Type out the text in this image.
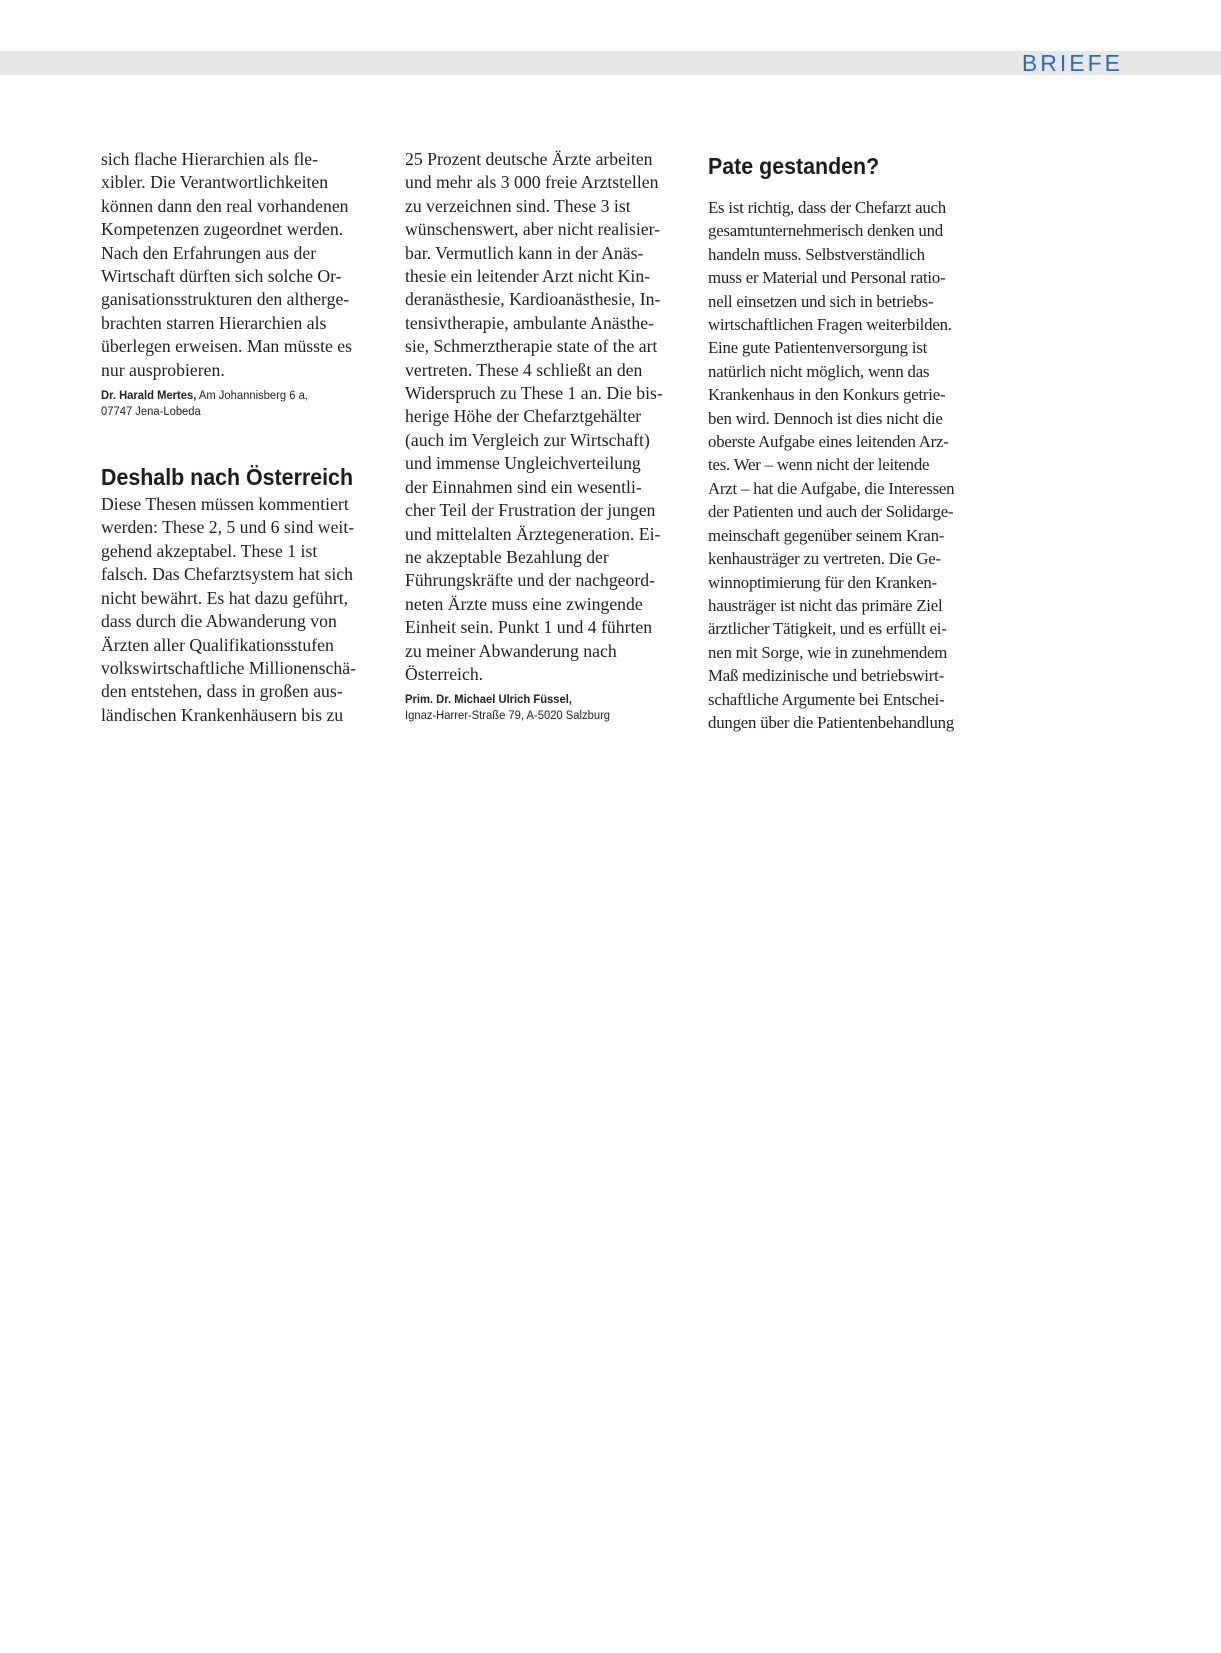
BRIEFE

sich flache Hierarchien als fle-
xibler. Die Verantwortlichkeiten
können dann den real vorhandenen
Kompetenzen zugeordnet werden.
Nach den Erfahrungen aus der
Wirtschaft dürften sich solche Or-
ganisationsstrukturen den althergе-
brachten starren Hierarchien als
überlegen erweisen. Man müsste es
nur ausprobieren.

Dr. Harald Mertes, Am Johannisberg 6 a,
07747 Jena-Lobeda

Deshalb nach Österreich

Diese Thesen müssen kommentiert
werden: These 2, 5 und 6 sind weit-
gehend akzeptabel. These 1 ist
falsch. Das Chefarztsystem hat sich
nicht bewährt. Es hat dazu geführt,
dass durch die Abwanderung von
Ärzten aller Qualifikationsstufen
volkswirtschaftliche Millionenschä-
den entstehen, dass in großen aus-
ländischen Krankenhäusern bis zu

25 Prozent deutsche Ärzte arbeiten
und mehr als 3 000 freie Arztstellen
zu verzeichnen sind. These 3 ist
wünschenswert, aber nicht realisier-
bar. Vermutlich kann in der Anäs-
thesie ein leitender Arzt nicht Kin-
deranästhesie, Kardioanästhesie, In-
tensivtherapie, ambulante Anästhe-
sie, Schmerztherapie state of the art
vertreten. These 4 schließt an den
Widerspruch zu These 1 an. Die bis-
herige Höhe der Chefarztgehälter
(auch im Vergleich zur Wirtschaft)
und immense Ungleichverteilung
der Einnahmen sind ein wesentli-
cher Teil der Frustration der jungen
und mittelalten Ärztegeneration. Ei-
ne akzeptable Bezahlung der
Führungskräfte und der nachgeord-
neten Ärzte muss eine zwingende
Einheit sein. Punkt 1 und 4 führten
zu meiner Abwanderung nach
Österreich.

Prim. Dr. Michael Ulrich Füssel,
Ignaz-Harrer-Straße 79, A-5020 Salzburg

Pate gestanden?

Es ist richtig, dass der Chefarzt auch
gesamtunternehmerisch denken und
handeln muss. Selbstverständlich
muss er Material und Personal ratio-
nell einsetzen und sich in betriebs-
wirtschaftlichen Fragen weiterbilden.
Eine gute Patientenversorgung ist
natürlich nicht möglich, wenn das
Krankenhaus in den Konkurs getrie-
ben wird. Dennoch ist dies nicht die
oberste Aufgabe eines leitenden Arz-
tes. Wer – wenn nicht der leitende
Arzt – hat die Aufgabe, die Interessen
der Patienten und auch der Solidarge-
meinschaft gegenüber seinem Kran-
kenhausträger zu vertreten. Die Ge-
winnoptimierung für den Kranken-
hausträger ist nicht das primäre Ziel
ärztlicher Tätigkeit, und es erfüllt ei-
nen mit Sorge, wie in zunehmendem
Maß medizinische und betriebswirt-
schaftliche Argumente bei Entschei-
dungen über die Patientenbehandlung
